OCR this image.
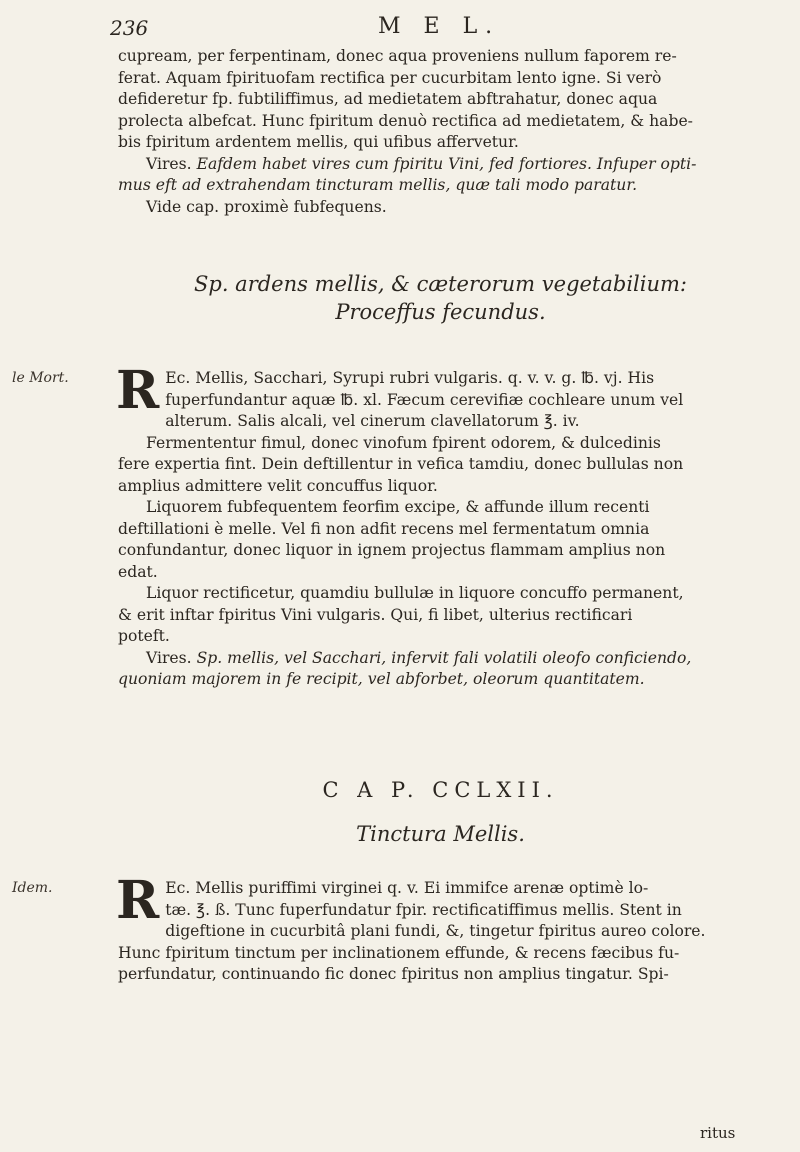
236	M E L.

cupream, per ferpentinam, donec aqua proveniens nullum faporem re-

ferat. Aquam fpirituofam rectifica per cucurbitam lento igne. Si verò

defideretur fp. fubtiliffimus, ad medietatem abftrahatur, donec aqua

prolecta albefcat. Hunc fpiritum denuò rectifica ad medietatem, & habe-

bis fpiritum ardentem mellis, qui ufibus affervetur.

Vires. Eafdem habet vires cum fpiritu Vini, fed fortiores. Infuper opti-

mus eft ad extrahendam tincturam mellis, quæ tali modo paratur.

Vide cap. proximè fubfequens.

Sp. ardens mellis, & cæterorum vegetabilium:

Proceffus fecundus.

le Mort. R Ec. Mellis, Sacchari, Syrupi rubri vulgaris. q. v. v. g. ℔. vj. His

fuperfundantur aquæ ℔. xl. Fæcum cerevifiæ cochleare unum vel

alterum. Salis alcali, vel cinerum clavellatorum ℥. iv.

Fermententur fimul, donec vinofum fpirent odorem, & dulcedinis

fere expertia fint. Dein deftillentur in vefica tamdiu, donec bullulas non

amplius admittere velit concuffus liquor.

Liquorem fubfequentem feorfim excipe, & affunde illum recenti

deftillationi è melle. Vel fi non adfit recens mel fermentatum omnia

confundantur, donec liquor in ignem projectus flammam amplius non

edat.

Liquor rectificetur, quamdiu bullulæ in liquore concuffo permanent,

& erit inftar fpiritus Vini vulgaris. Qui, fi libet, ulterius rectificari

poteft.

Vires. Sp. mellis, vel Sacchari, infervit fali volatili oleofo conficiendo,

quoniam majorem in fe recipit, vel abforbet, oleorum quantitatem.

C A P. CCLXII.

Tinctura Mellis.

Idem. R Ec. Mellis puriffimi virginei q. v. Ei immifce arenæ optimè lo-

tæ. ℥. ß. Tunc fuperfundatur fpir. rectificatiffimus mellis. Stent in

digeftione in cucurbitâ plani fundi, &, tingetur fpiritus aureo colore.

Hunc fpiritum tinctum per inclinationem effunde, & recens fæcibus fu-

perfundatur, continuando fic donec fpiritus non amplius tingatur. Spi-

ritus
